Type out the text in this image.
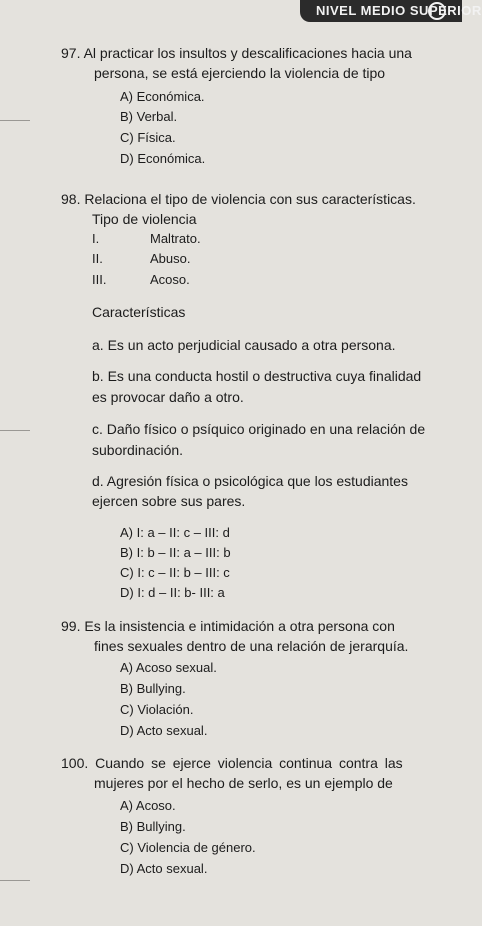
NIVEL MEDIO SUPERIOR
97. Al practicar los insultos y descalificaciones hacia una
persona, se está ejerciendo la violencia de tipo
A) Económica.
B) Verbal.
C) Física.
D) Económica.
98. Relaciona el tipo de violencia con sus características.
Tipo de violencia
I.	Maltrato.
II.	Abuso.
III.	Acoso.
Características
a. Es un acto perjudicial causado a otra persona.
b. Es una conducta hostil o destructiva cuya finalidad
es provocar daño a otro.
c. Daño físico o psíquico originado en una relación de
subordinación.
d. Agresión física o psicológica que los estudiantes
ejercen sobre sus pares.
A) I: a – II: c – III: d
B) I: b – II: a – III: b
C) I: c – II: b – III: c
D) I: d – II: b- III: a
99. Es la insistencia e intimidación a otra persona con
fines sexuales dentro de una relación de jerarquía.
A) Acoso sexual.
B) Bullying.
C) Violación.
D) Acto sexual.
100. Cuando se ejerce violencia continua contra las
mujeres por el hecho de serlo, es un ejemplo de
A) Acoso.
B) Bullying.
C) Violencia de género.
D) Acto sexual.
